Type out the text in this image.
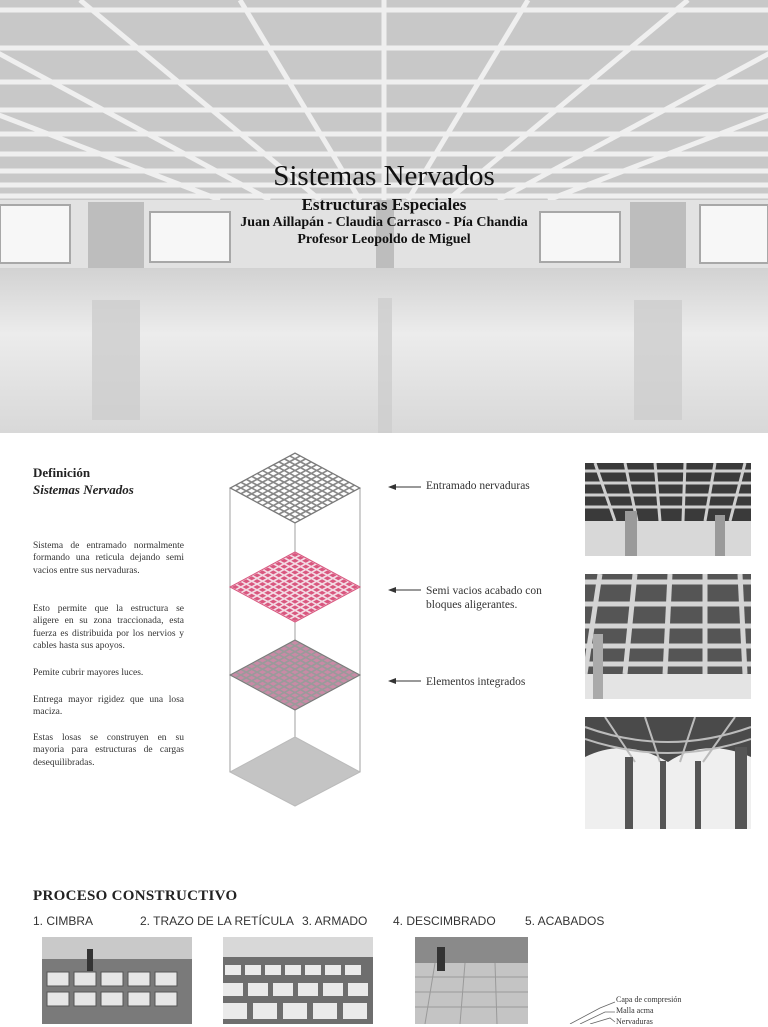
Sistemas Nervados
Estructuras Especiales
Juan Aillapán - Claudia Carrasco - Pía Chandia
Profesor Leopoldo de Miguel
Definición
Sistemas Nervados

Sistema de entramado normalmente formando una reticula dejando semi vacios entre sus nervaduras.

Esto permite que la estructura se aligere en su zona traccionada, esta fuerza es distribuida por los nervios y cables hasta sus apoyos.

Pemite cubrir mayores luces.

Entrega mayor rigidez que una losa maciza.

Estas losas se construyen en su mayoria para estructuras de cargas desequilibradas.

Entramado nervaduras
Semi vacios acabado con bloques aligerantes.
Elementos integrados
PROCESO CONSTRUCTIVO
1. CIMBRA	2. TRAZO DE LA RETÍCULA 3. ARMADO 4. DESCIMBRADO 5. ACABADOS
Capa de compresión
Malla acma
Nervaduras
